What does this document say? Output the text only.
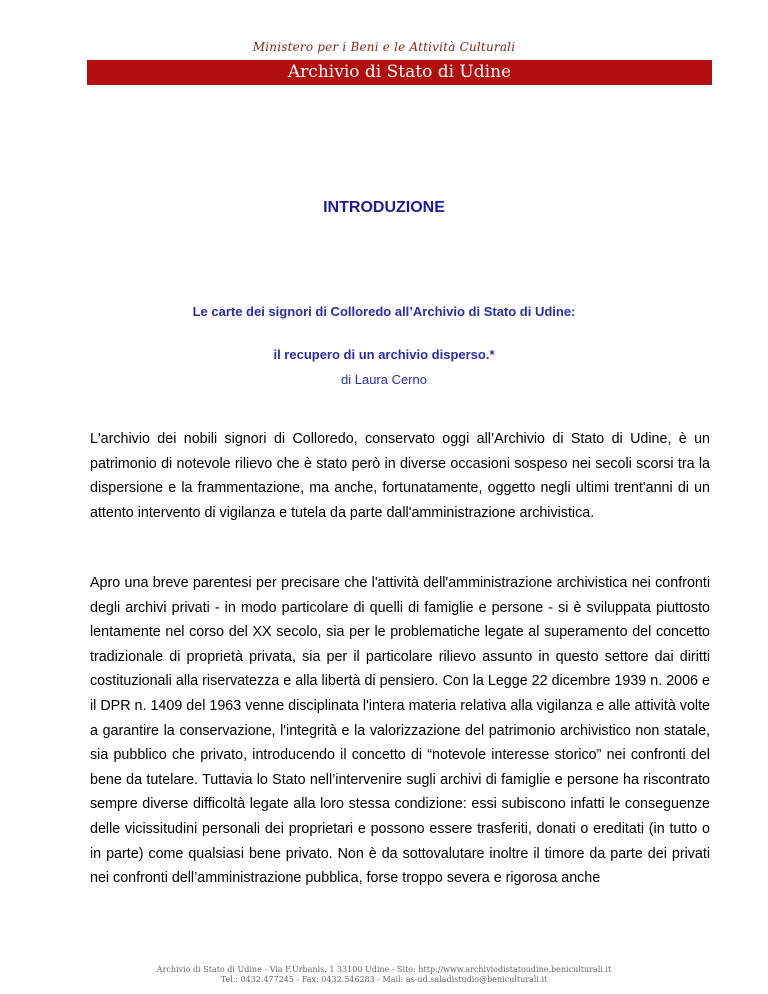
Ministero per i Beni e le Attività Culturali
Archivio di Stato di Udine
INTRODUZIONE
Le carte dei signori di Colloredo all’Archivio di Stato di Udine:
il recupero di un archivio disperso.*
di Laura Cerno

L'archivio dei nobili signori di Colloredo, conservato oggi all’Archivio di Stato di Udine, è un patrimonio di notevole rilievo che è stato però in diverse occasioni sospeso nei secoli scorsi tra la dispersione e la frammentazione, ma anche, fortunatamente, oggetto negli ultimi trent'anni di un attento intervento di vigilanza e tutela da parte dall'amministrazione archivistica.

Apro una breve parentesi per precisare che l'attività dell'amministrazione archivistica nei confronti degli archivi privati - in modo particolare di quelli di famiglie e persone - si è sviluppata piuttosto lentamente nel corso del XX secolo, sia per le problematiche legate al superamento del concetto tradizionale di proprietà privata, sia per il particolare rilievo assunto in questo settore dai diritti costituzionali alla riservatezza e alla libertà di pensiero. Con la Legge 22 dicembre 1939 n. 2006 e il DPR n. 1409 del 1963 venne disciplinata l'intera materia relativa alla vigilanza e alle attività volte a garantire la conservazione, l'integrità e la valorizzazione del patrimonio archivistico non statale, sia pubblico che privato, introducendo il concetto di “notevole interesse storico” nei confronti del bene da tutelare. Tuttavia lo Stato nell’intervenire sugli archivi di famiglie e persone ha riscontrato sempre diverse difficoltà legate alla loro stessa condizione: essi subiscono infatti le conseguenze delle vicissitudini personali dei proprietari e possono essere trasferiti, donati o ereditati (in tutto o in parte) come qualsiasi bene privato. Non è da sottovalutare inoltre il timore da parte dei privati nei confronti dell’amministrazione pubblica, forse troppo severa e rigorosa anche

Archivio di Stato di Udine - Via F.Urbanis, 1 33100 Udine - Sito: http://www.archiviodistatoudine.beniculturali.it
Tel.: 0432.477245 - Fax: 0432.546283 - Mail: as-ud.saladistudio@beniculturali.it
